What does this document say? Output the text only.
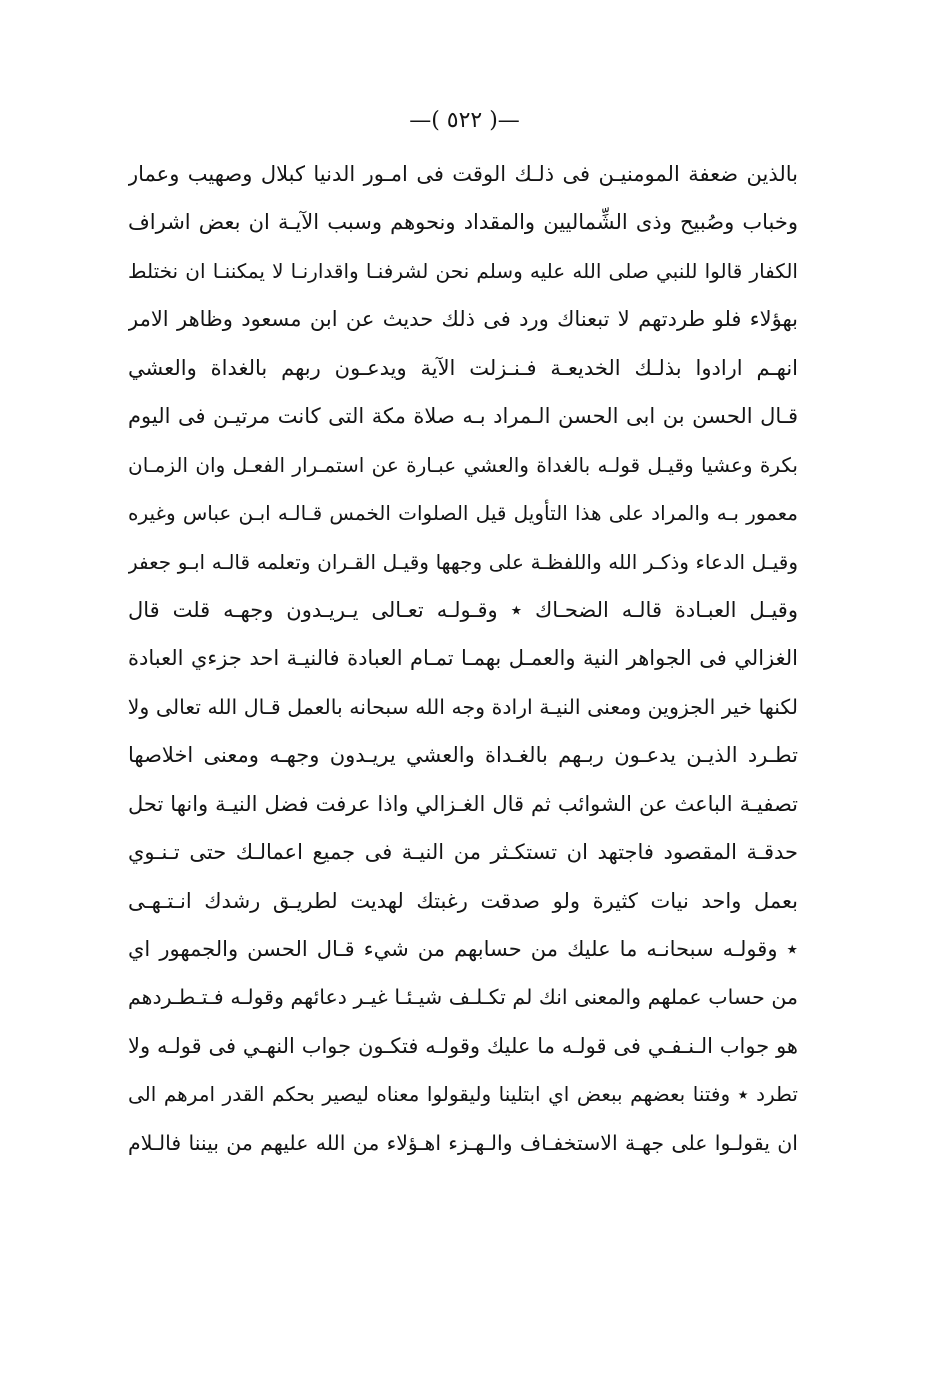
—( ٥٢٢ )—
بالذين ضعفة المومنيـن فى ذلـك الوقت فى امـور الدنيا كبلال وصهيب وعمار
وخباب وصُبيح وذى الشِّماليين والمقداد ونحوهم وسبب الآيـة ان بعض اشراف
الكفار قالوا للنبي صلى الله عليه وسلم نحن لشرفنـا واقدارنـا لا يمكننـا ان نختلط
بهؤلاء فلو طردتهم لا تبعناك ورد فى ذلك حديث عن ابن مسعود وظاهر الامر
انهـم ارادوا بذلـك الخديعـة فـنـزلت الآية ويدعـون ربهم بالغداة والعشي
قـال الحسن بن ابى الحسن الـمراد بـه صلاة مكة التى كانت مرتيـن فى اليوم
بكرة وعشيا وقيـل قولـه بالغداة والعشي عبـارة عن استمـرار الفعـل وان الزمـان
معمور بـه والمراد على هذا التأويل قيل الصلوات الخمس قـالـه ابـن عباس وغيره
وقيـل الدعاء وذكـر الله واللفظـة على وجهها وقيـل القـران وتعلمه قالـه ابـو جعفر
وقيـل العبـادة قالـه الضحـاك ٭ وقـولـه تعـالى يـريـدون وجهـه قلت قال
الغزالي فى الجواهر النية والعمـل بهمـا تمـام العبادة فالنيـة احد جزءي العبادة
لكنها خير الجزوين ومعنى النيـة ارادة وجه الله سبحانه بالعمل قـال الله تعالى ولا
تطـرد الذيـن يدعـون ربـهم بالغـداة والعشي يريـدون وجهـه ومعنى اخلاصها
تصفيـة الباعث عن الشوائب ثم قال الغـزالي واذا عرفت فضل النيـة وانها تحل
حدقـة المقصود فاجتهد ان تستكـثر من النيـة فى جميع اعمالـك حتى تـنـوي
بعمل واحد نيات كثيرة ولو صدقت رغبتك لهديت لطريـق رشدك انـتـهـى
٭ وقولـه سبحانـه ما عليك من حسابهم من شيء قـال الحسن والجمهور اي
من حساب عملهم والمعنى انك لم تكـلـف شيـئـا غيـر دعائهم وقولـه فـتـطـردهم
هو جواب الـنـفـي فى قولـه ما عليك وقولـه فتكـون جواب النهـي فى قولـه ولا
تطرد ٭ وفتنا بعضهم ببعض اي ابتلينا وليقولوا معناه ليصير بحكم القدر امرهم الى
ان يقولـوا على جهـة الاستخفـاف والـهـزء اهـؤلاء من الله عليهم من بيننا فالـلام
